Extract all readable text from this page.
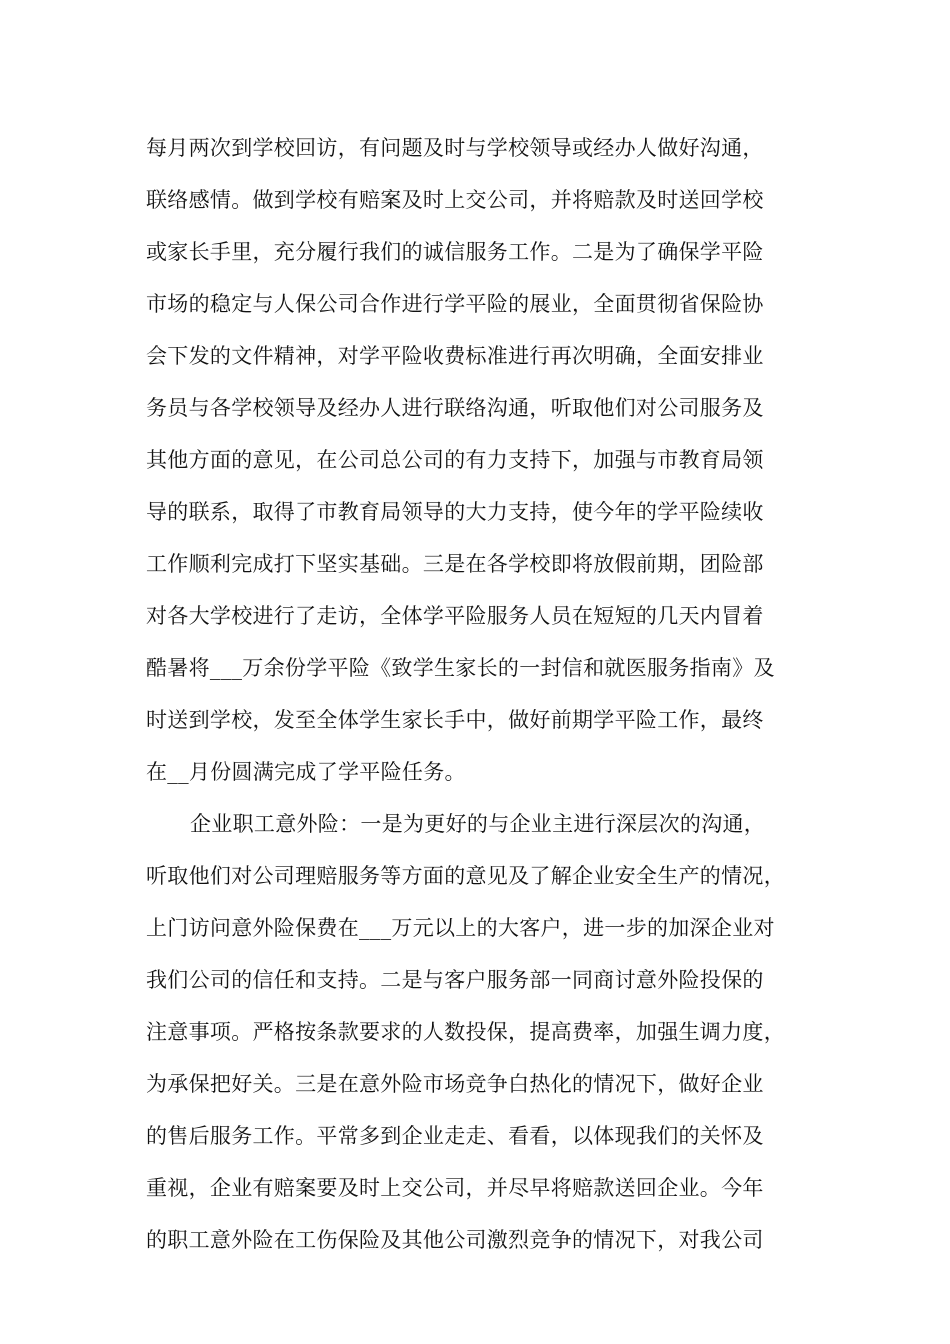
每月两次到学校回访，有问题及时与学校领导或经办人做好沟通，
联络感情。做到学校有赔案及时上交公司，并将赔款及时送回学校
或家长手里，充分履行我们的诚信服务工作。二是为了确保学平险
市场的稳定与人保公司合作进行学平险的展业，全面贯彻省保险协
会下发的文件精神，对学平险收费标准进行再次明确，全面安排业
务员与各学校领导及经办人进行联络沟通，听取他们对公司服务及
其他方面的意见，在公司总公司的有力支持下，加强与市教育局领
导的联系，取得了市教育局领导的大力支持，使今年的学平险续收
工作顺利完成打下坚实基础。三是在各学校即将放假前期，团险部
对各大学校进行了走访，全体学平险服务人员在短短的几天内冒着
酷暑将___万余份学平险《致学生家长的一封信和就医服务指南》及
时送到学校，发至全体学生家长手中，做好前期学平险工作，最终
在__月份圆满完成了学平险任务。
企业职工意外险：一是为更好的与企业主进行深层次的沟通，
听取他们对公司理赔服务等方面的意见及了解企业安全生产的情况，
上门访问意外险保费在___万元以上的大客户，进一步的加深企业对
我们公司的信任和支持。二是与客户服务部一同商讨意外险投保的
注意事项。严格按条款要求的人数投保，提高费率，加强生调力度，
为承保把好关。三是在意外险市场竞争白热化的情况下，做好企业
的售后服务工作。平常多到企业走走、看看，以体现我们的关怀及
重视，企业有赔案要及时上交公司，并尽早将赔款送回企业。今年
的职工意外险在工伤保险及其他公司激烈竞争的情况下，对我公司
